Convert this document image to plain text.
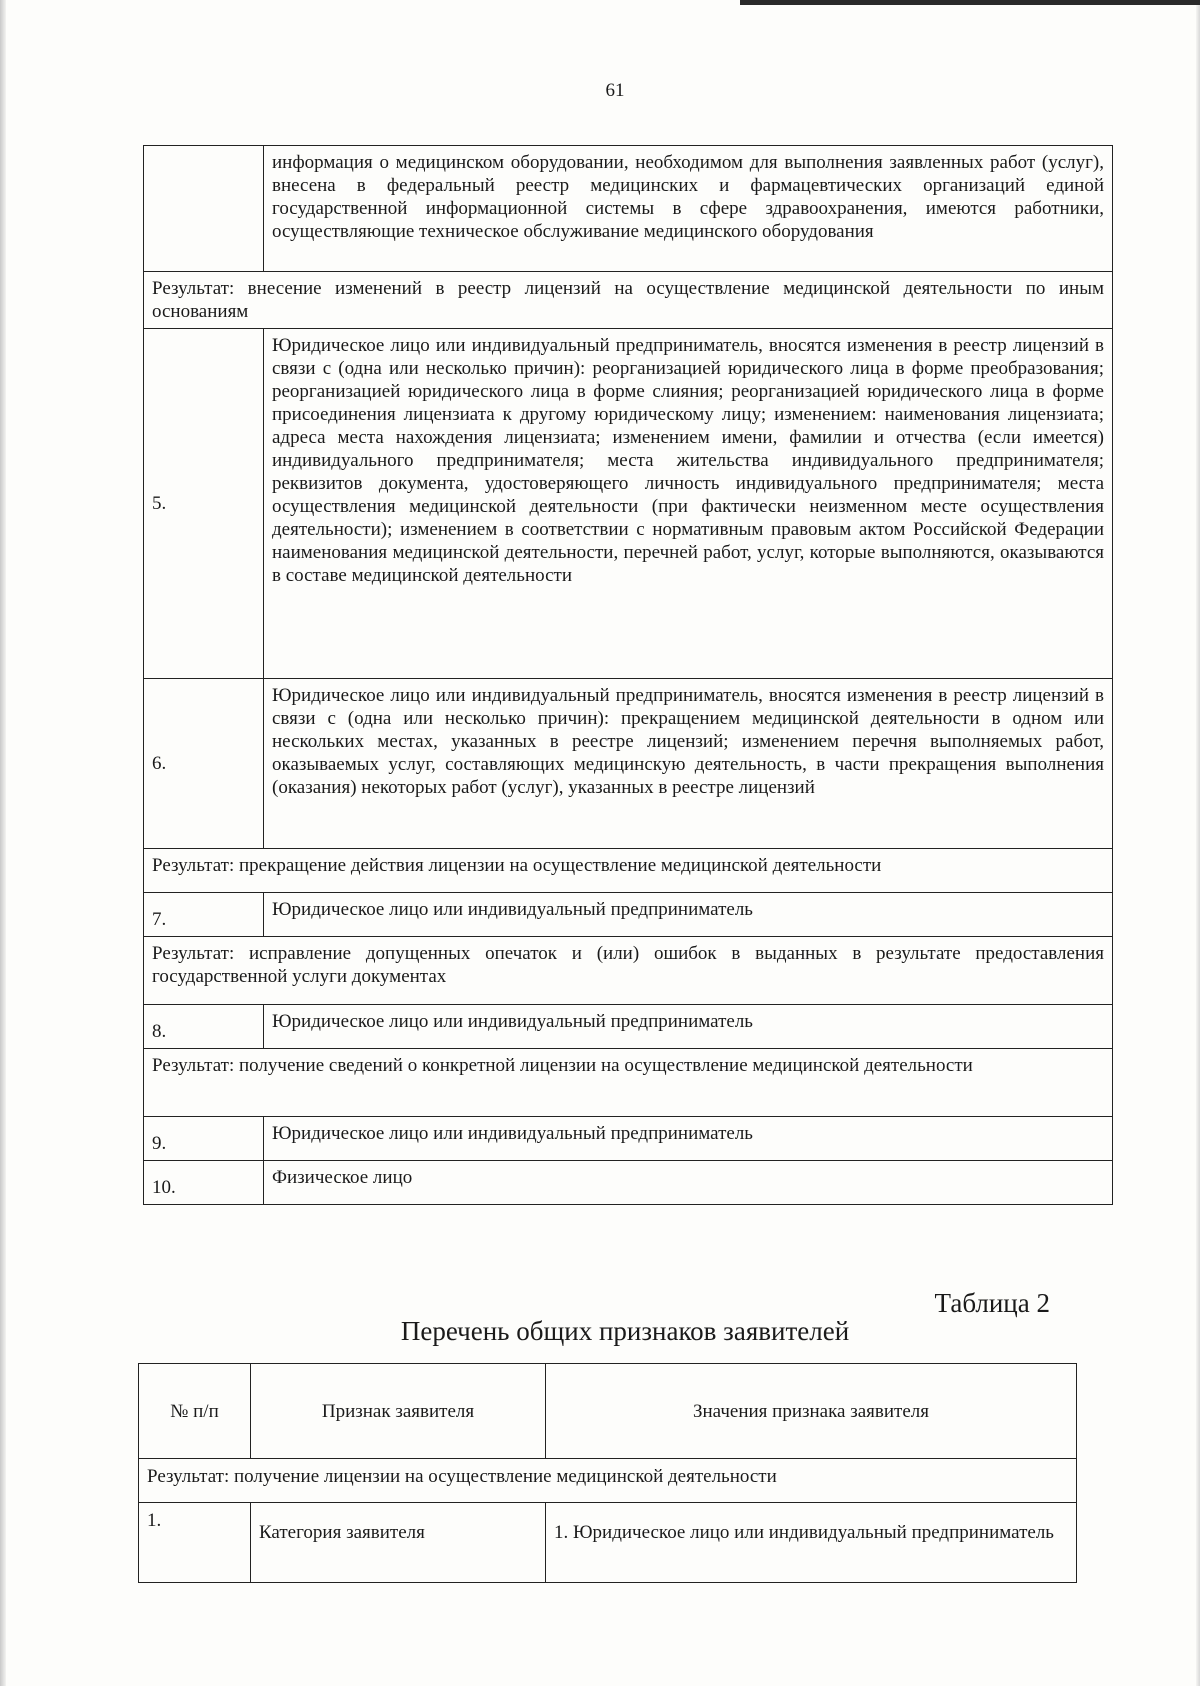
61
	информация о медицинском оборудовании, необходимом для выполнения заявленных работ (услуг), внесена в федеральный реестр медицинских и фармацевтических организаций единой государственной информационной системы в сфере здравоохранения, имеются работники, осуществляющие техническое обслуживание медицинского оборудования
Результат: внесение изменений в реестр лицензий на осуществление медицинской деятельности по иным основаниям	
5.	Юридическое лицо или индивидуальный предприниматель, вносятся изменения в реестр лицензий в связи с (одна или несколько причин): реорганизацией юридического лица в форме преобразования; реорганизацией юридического лица в форме слияния; реорганизацией юридического лица в форме присоединения лицензиата к другому юридическому лицу; изменением: наименования лицензиата; адреса места нахождения лицензиата; изменением имени, фамилии и отчества (если имеется) индивидуального предпринимателя; места жительства индивидуального предпринимателя; реквизитов документа, удостоверяющего личность индивидуального предпринимателя; места осуществления медицинской деятельности (при фактически неизменном месте осуществления деятельности); изменением в соответствии с нормативным правовым актом Российской Федерации наименования медицинской деятельности, перечней работ, услуг, которые выполняются, оказываются в составе медицинской деятельности
6.	Юридическое лицо или индивидуальный предприниматель, вносятся изменения в реестр лицензий в связи с (одна или несколько причин): прекращением медицинской деятельности в одном или нескольких местах, указанных в реестре лицензий; изменением перечня выполняемых работ, оказываемых услуг, составляющих медицинскую деятельность, в части прекращения выполнения (оказания) некоторых работ (услуг), указанных в реестре лицензий
Результат: прекращение действия лицензии на осуществление медицинской деятельности	
7.	Юридическое лицо или индивидуальный предприниматель
Результат: исправление допущенных опечаток и (или) ошибок в выданных в результате предоставления государственной услуги документах	
8.	Юридическое лицо или индивидуальный предприниматель
Результат: получение сведений о конкретной лицензии на осуществление медицинской деятельности	
9.	Юридическое лицо или индивидуальный предприниматель
10.	Физическое лицо
Таблица 2
Перечень общих признаков заявителей
№ п/п	Признак заявителя	Значения признака заявителя
Результат: получение лицензии на осуществление медицинской деятельности		
1.	Категория заявителя	1. Юридическое лицо или индивидуальный предприниматель
